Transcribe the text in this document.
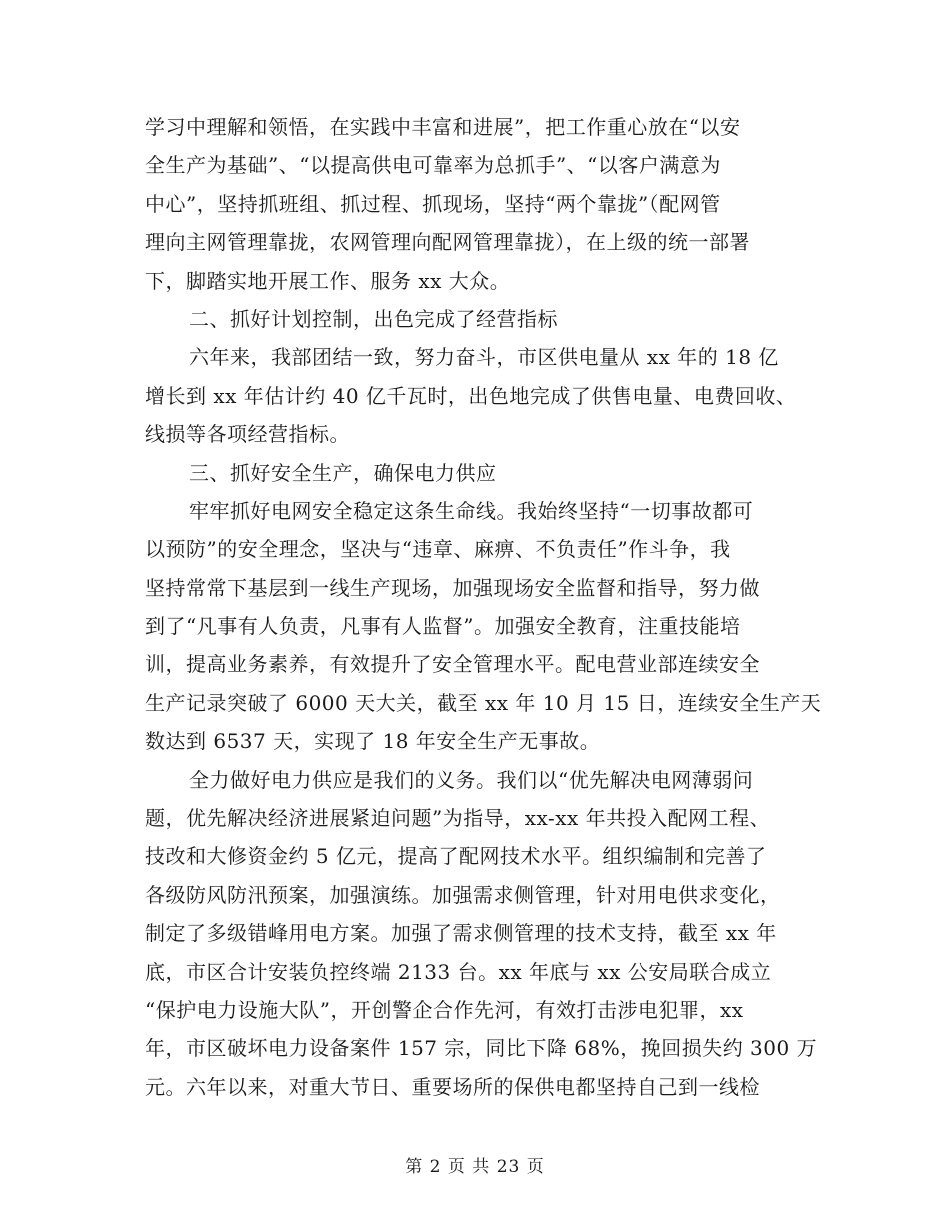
学习中理解和领悟，在实践中丰富和进展”，把工作重心放在“以安
全生产为基础”、“以提高供电可靠率为总抓手”、“以客户满意为
中心”，坚持抓班组、抓过程、抓现场，坚持“两个靠拢”（配网管
理向主网管理靠拢，农网管理向配网管理靠拢），在上级的统一部署
下，脚踏实地开展工作、服务 xx 大众。
二、抓好计划控制，出色完成了经营指标
六年来，我部团结一致，努力奋斗，市区供电量从 xx 年的 18 亿
增长到 xx 年估计约 40 亿千瓦时，出色地完成了供售电量、电费回收、
线损等各项经营指标。
三、抓好安全生产，确保电力供应
牢牢抓好电网安全稳定这条生命线。我始终坚持“一切事故都可
以预防”的安全理念，坚决与“违章、麻痹、不负责任”作斗争，我
坚持常常下基层到一线生产现场，加强现场安全监督和指导，努力做
到了“凡事有人负责，凡事有人监督”。加强安全教育，注重技能培
训，提高业务素养，有效提升了安全管理水平。配电营业部连续安全
生产记录突破了 6000 天大关，截至 xx 年 10 月 15 日，连续安全生产天
数达到 6537 天，实现了 18 年安全生产无事故。
全力做好电力供应是我们的义务。我们以“优先解决电网薄弱问
题，优先解决经济进展紧迫问题”为指导，xx-xx 年共投入配网工程、
技改和大修资金约 5 亿元，提高了配网技术水平。组织编制和完善了
各级防风防汛预案，加强演练。加强需求侧管理，针对用电供求变化，
制定了多级错峰用电方案。加强了需求侧管理的技术支持，截至 xx 年
底，市区合计安装负控终端 2133 台。xx 年底与 xx 公安局联合成立
“保护电力设施大队”，开创警企合作先河，有效打击涉电犯罪，xx
年，市区破坏电力设备案件 157 宗，同比下降 68%，挽回损失约 300 万
元。六年以来，对重大节日、重要场所的保供电都坚持自己到一线检
第 2 页 共 23 页
